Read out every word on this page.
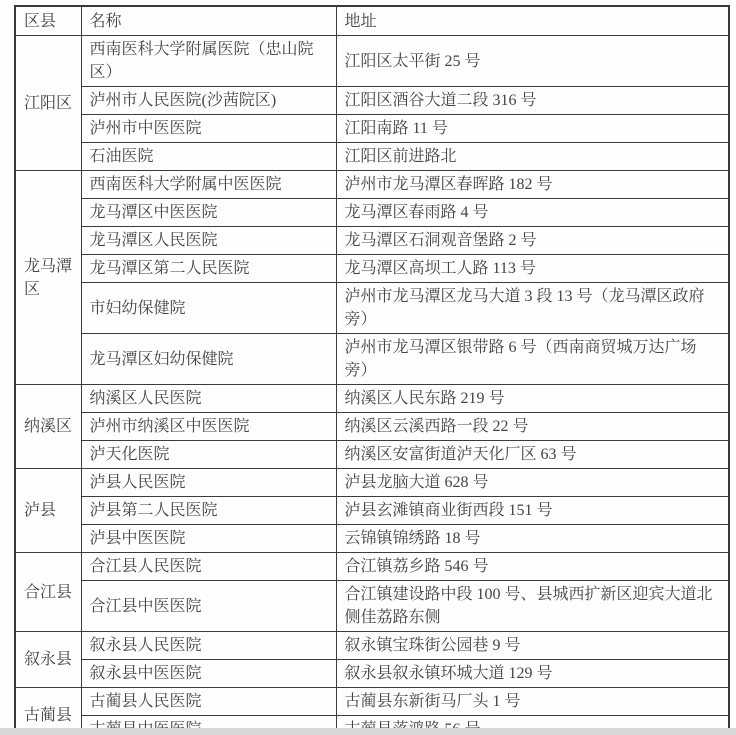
区县	名称	地址
江阳区	西南医科大学附属医院（忠山院区）	江阳区太平街 25 号
	泸州市人民医院(沙茜院区)	江阳区酒谷大道二段 316 号
	泸州市中医医院	江阳南路 11 号
	石油医院	江阳区前进路北
龙马潭区	西南医科大学附属中医医院	泸州市龙马潭区春晖路 182 号
	龙马潭区中医医院	龙马潭区春雨路 4 号
	龙马潭区人民医院	龙马潭区石洞观音堡路 2 号
	龙马潭区第二人民医院	龙马潭区高坝工人路 113 号
	市妇幼保健院	泸州市龙马潭区龙马大道 3 段 13 号（龙马潭区政府旁）
	龙马潭区妇幼保健院	泸州市龙马潭区银带路 6 号（西南商贸城万达广场旁）
纳溪区	纳溪区人民医院	纳溪区人民东路 219 号
	泸州市纳溪区中医医院	纳溪区云溪西路一段 22 号
	泸天化医院	纳溪区安富街道泸天化厂区 63 号
泸县	泸县人民医院	泸县龙脑大道 628 号
	泸县第二人民医院	泸县玄滩镇商业街西段 151 号
	泸县中医医院	云锦镇锦绣路 18 号
合江县	合江县人民医院	合江镇荔乡路 546 号
	合江县中医医院	合江镇建设路中段 100 号、县城西扩新区迎宾大道北侧佳荔路东侧
叙永县	叙永县人民医院	叙永镇宝珠街公园巷 9 号
	叙永县中医医院	叙永县叙永镇环城大道 129 号
古蔺县	古蔺县人民医院	古蔺县东新街马厂头 1 号
